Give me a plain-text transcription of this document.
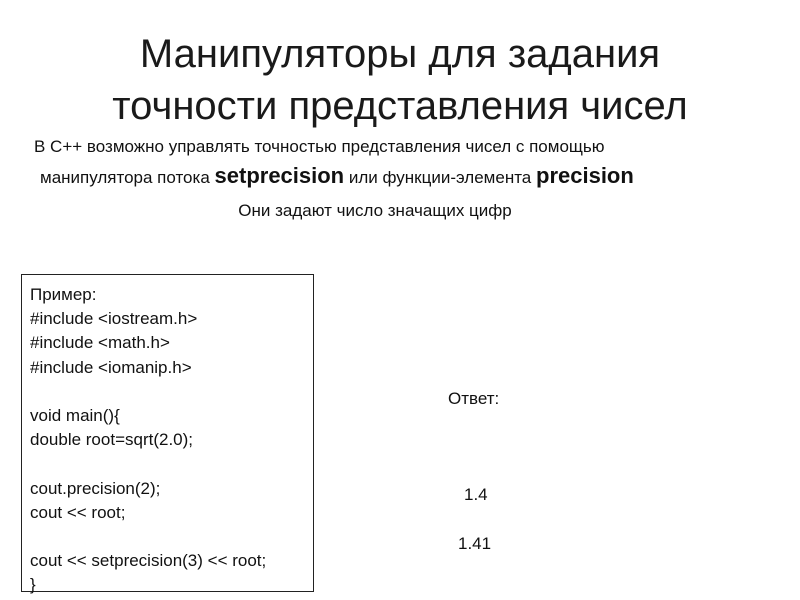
Манипуляторы для задания
точности представления чисел
В С++ возможно управлять точностью представления чисел с помощью
манипулятора потока setprecision или функции-элемента precision
Они задают число значащих цифр
Пример:
#include <iostream.h>
#include <math.h>
#include <iomanip.h>
void main(){
double root=sqrt(2.0);
cout.precision(2);
cout << root;
cout << setprecision(3) << root;
}
Ответ:
1.4
1.41
